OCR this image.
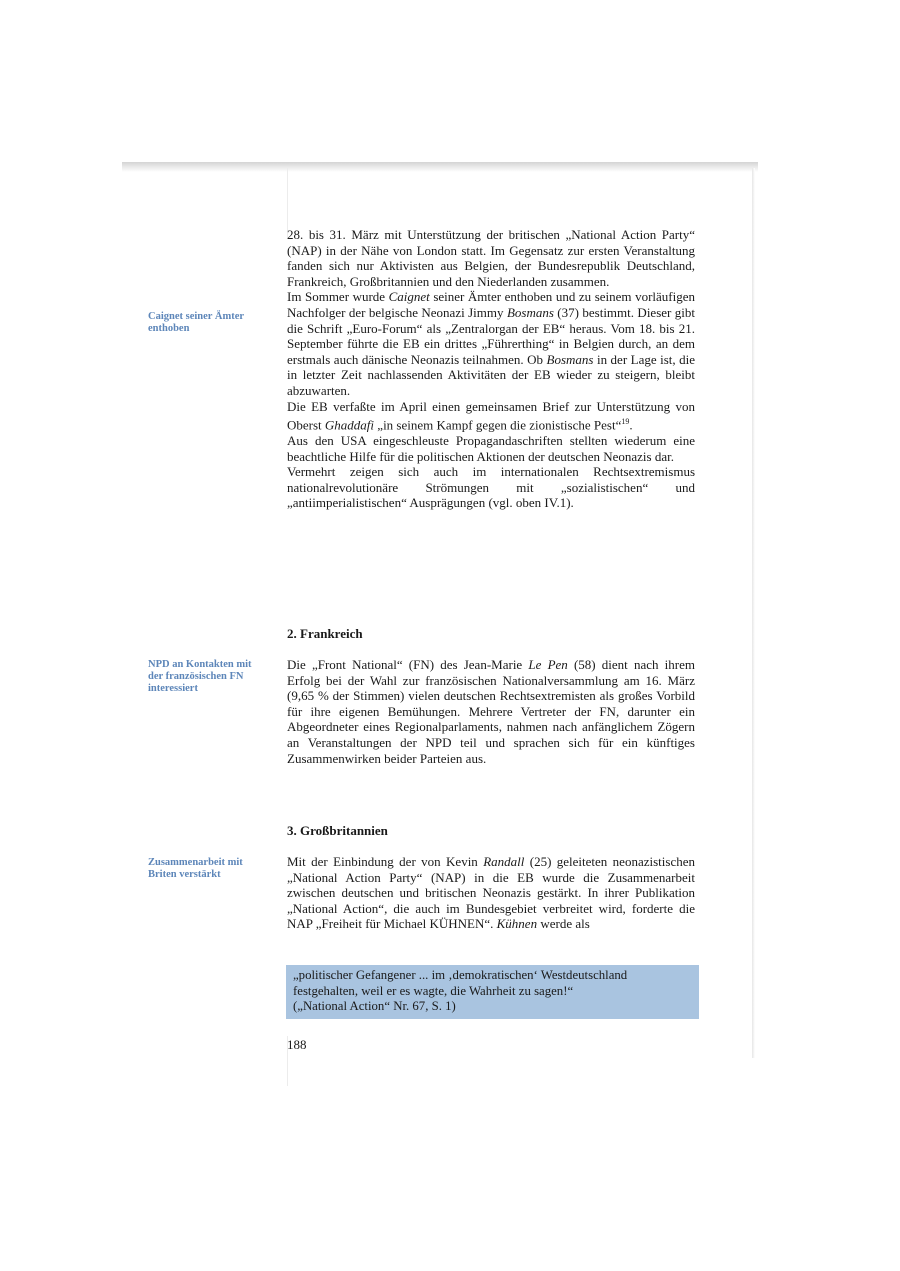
Caignet seiner Ämter enthoben
NPD an Kontakten mit der französischen FN interessiert
Zusammenarbeit mit Briten verstärkt

28. bis 31. März mit Unterstützung der britischen „National Action Party“ (NAP) in der Nähe von London statt. Im Gegensatz zur ersten Veranstaltung fanden sich nur Aktivisten aus Belgien, der Bundesrepublik Deutschland, Frankreich, Großbritannien und den Niederlanden zusammen.

Im Sommer wurde Caignet seiner Ämter enthoben und zu seinem vorläufigen Nachfolger der belgische Neonazi Jimmy Bosmans (37) bestimmt. Dieser gibt die Schrift „Euro-Forum“ als „Zentralorgan der EB“ heraus. Vom 18. bis 21. September führte die EB ein drittes „Führerthing“ in Belgien durch, an dem erstmals auch dänische Neonazis teilnahmen. Ob Bosmans in der Lage ist, die in letzter Zeit nachlassenden Aktivitäten der EB wieder zu steigern, bleibt abzuwarten.

Die EB verfaßte im April einen gemeinsamen Brief zur Unterstützung von Oberst Ghaddafi „in seinem Kampf gegen die zionistische Pest“$^{19}$.

Aus den USA eingeschleuste Propagandaschriften stellten wiederum eine beachtliche Hilfe für die politischen Aktionen der deutschen Neonazis dar.

Vermehrt zeigen sich auch im internationalen Rechtsextremismus nationalrevolutionäre Strömungen mit „sozialistischen“ und „antiimperialistischen“ Ausprägungen (vgl. oben IV.1).

2. Frankreich

Die „Front National“ (FN) des Jean-Marie Le Pen (58) dient nach ihrem Erfolg bei der Wahl zur französischen Nationalversammlung am 16. März (9,65 % der Stimmen) vielen deutschen Rechtsextremisten als großes Vorbild für ihre eigenen Bemühungen. Mehrere Vertreter der FN, darunter ein Abgeordneter eines Regionalparlaments, nahmen nach anfänglichem Zögern an Veranstaltungen der NPD teil und sprachen sich für ein künftiges Zusammenwirken beider Parteien aus.

3. Großbritannien

Mit der Einbindung der von Kevin Randall (25) geleiteten neonazistischen „National Action Party“ (NAP) in die EB wurde die Zusammenarbeit zwischen deutschen und britischen Neonazis gestärkt. In ihrer Publikation „National Action“, die auch im Bundesgebiet verbreitet wird, forderte die NAP „Freiheit für Michael KÜHNEN“. Kühnen werde als

„politischer Gefangener ... im ‚demokratischen‘ Westdeutschland festgehalten, weil er es wagte, die Wahrheit zu sagen!“

(„National Action“ Nr. 67, S. 1)

188
